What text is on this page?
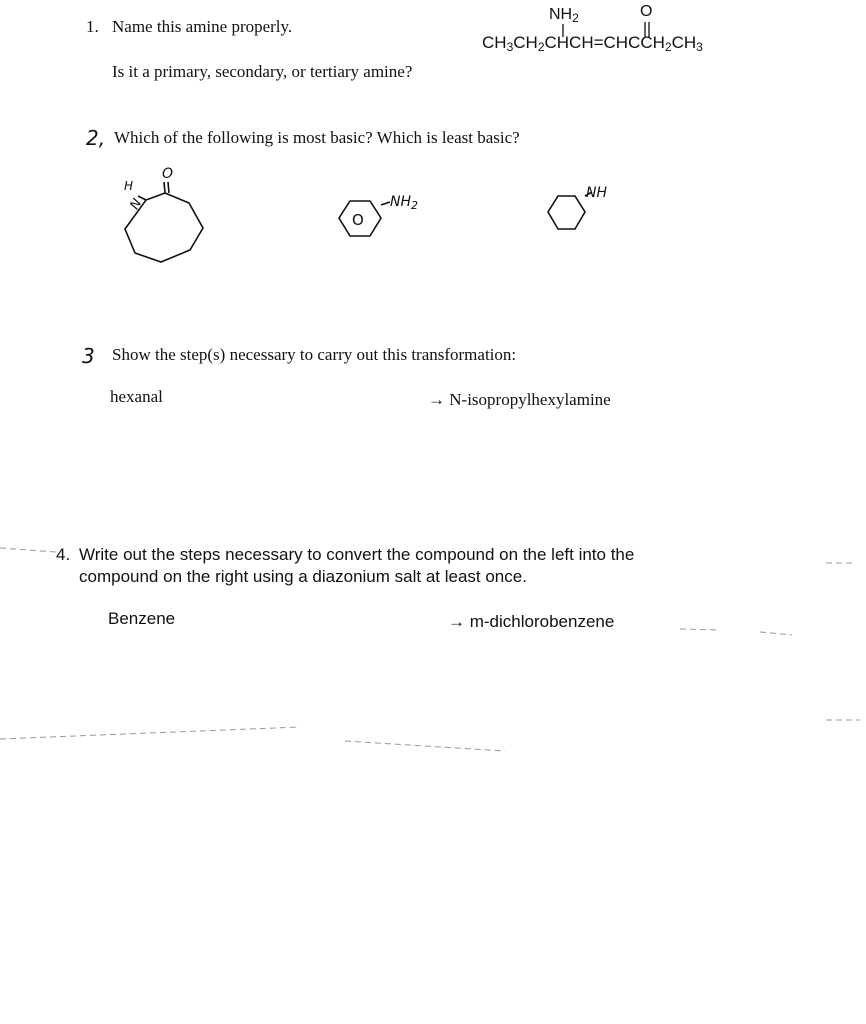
1. Name this amine properly.
Is it a primary, secondary, or tertiary amine?
$NH_2$	O
$CH_3CH_2CHCH=CHCCH_2CH_3$
2, Which of the following is most basic? Which is least basic?
3 Show the step(s) necessary to carry out this transformation:
hexanal	→ N-isopropylhexylamine
4. Write out the steps necessary to convert the compound on the left into the
compound on the right using a diazonium salt at least once.
Benzene	→ m-dichlorobenzene
O
H
N
O
$NH_2$
NH
